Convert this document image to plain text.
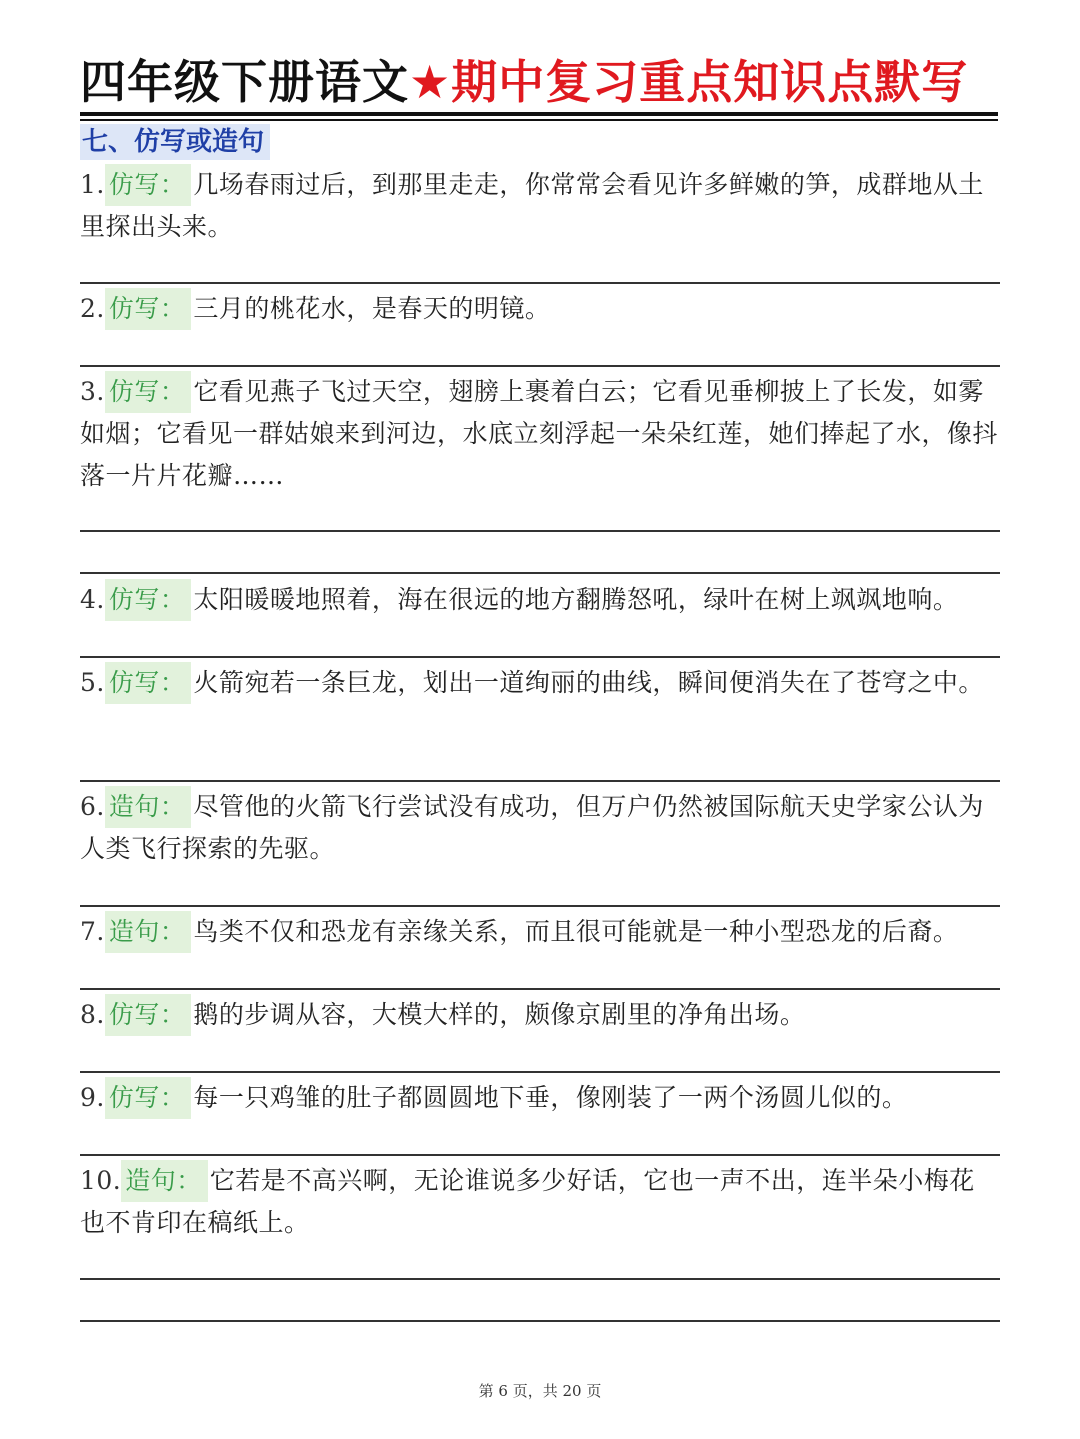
四年级下册语文★期中复习重点知识点默写
七、仿写或造句
1. 仿写： 几场春雨过后，到那里走走，你常常会看见许多鲜嫩的笋，成群地从土里探出头来。
2. 仿写： 三月的桃花水，是春天的明镜。
3. 仿写： 它看见燕子飞过天空，翅膀上裹着白云；它看见垂柳披上了长发，如雾如烟；它看见一群姑娘来到河边，水底立刻浮起一朵朵红莲，她们捧起了水，像抖落一片片花瓣……
4. 仿写： 太阳暖暖地照着，海在很远的地方翻腾怒吼，绿叶在树上飒飒地响。
5. 仿写： 火箭宛若一条巨龙，划出一道绚丽的曲线，瞬间便消失在了苍穹之中。
6. 造句： 尽管他的火箭飞行尝试没有成功，但万户仍然被国际航天史学家公认为人类飞行探索的先驱。
7. 造句： 鸟类不仅和恐龙有亲缘关系，而且很可能就是一种小型恐龙的后裔。
8. 仿写： 鹅的步调从容，大模大样的，颇像京剧里的净角出场。
9. 仿写： 每一只鸡雏的肚子都圆圆地下垂，像刚装了一两个汤圆儿似的。
10. 造句： 它若是不高兴啊，无论谁说多少好话，它也一声不出，连半朵小梅花也不肯印在稿纸上。
第 6 页，共 20 页
